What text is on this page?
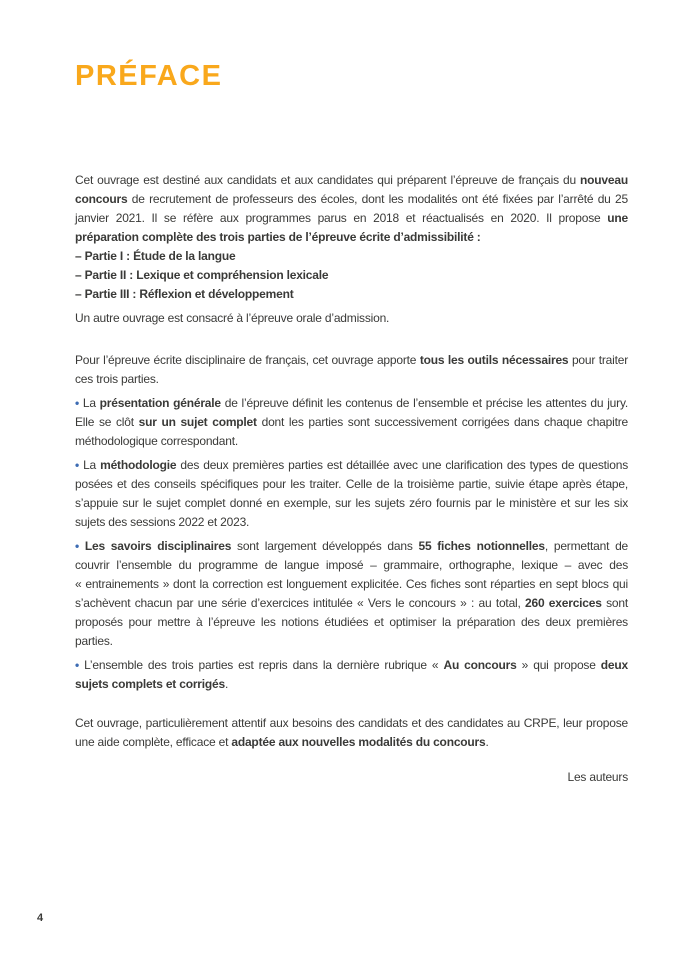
PRÉFACE
Cet ouvrage est destiné aux candidats et aux candidates qui préparent l’épreuve de français du nouveau concours de recrutement de professeurs des écoles, dont les modalités ont été fixées par l’arrêté du 25 janvier 2021. Il se réfère aux programmes parus en 2018 et réactualisés en 2020. Il propose une préparation complète des trois parties de l’épreuve écrite d’admissibilité :
– Partie I : Étude de la langue
– Partie II : Lexique et compréhension lexicale
– Partie III : Réflexion et développement
Un autre ouvrage est consacré à l’épreuve orale d’admission.
Pour l’épreuve écrite disciplinaire de français, cet ouvrage apporte tous les outils nécessaires pour traiter ces trois parties.
• La présentation générale de l’épreuve définit les contenus de l’ensemble et précise les attentes du jury. Elle se clôt sur un sujet complet dont les parties sont successivement corrigées dans chaque chapitre méthodologique correspondant.
• La méthodologie des deux premières parties est détaillée avec une clarification des types de questions posées et des conseils spécifiques pour les traiter. Celle de la troisième partie, suivie étape après étape, s’appuie sur le sujet complet donné en exemple, sur les sujets zéro fournis par le ministère et sur les six sujets des sessions 2022 et 2023.
• Les savoirs disciplinaires sont largement développés dans 55 fiches notionnelles, permettant de couvrir l’ensemble du programme de langue imposé – grammaire, orthographe, lexique – avec des « entrainements » dont la correction est longuement explicitée. Ces fiches sont réparties en sept blocs qui s’achèvent chacun par une série d’exercices intitulée « Vers le concours » : au total, 260 exercices sont proposés pour mettre à l’épreuve les notions étudiées et optimiser la préparation des deux premières parties.
• L’ensemble des trois parties est repris dans la dernière rubrique « Au concours » qui propose deux sujets complets et corrigés.
Cet ouvrage, particulièrement attentif aux besoins des candidats et des candidates au CRPE, leur propose une aide complète, efficace et adaptée aux nouvelles modalités du concours.
Les auteurs
4
